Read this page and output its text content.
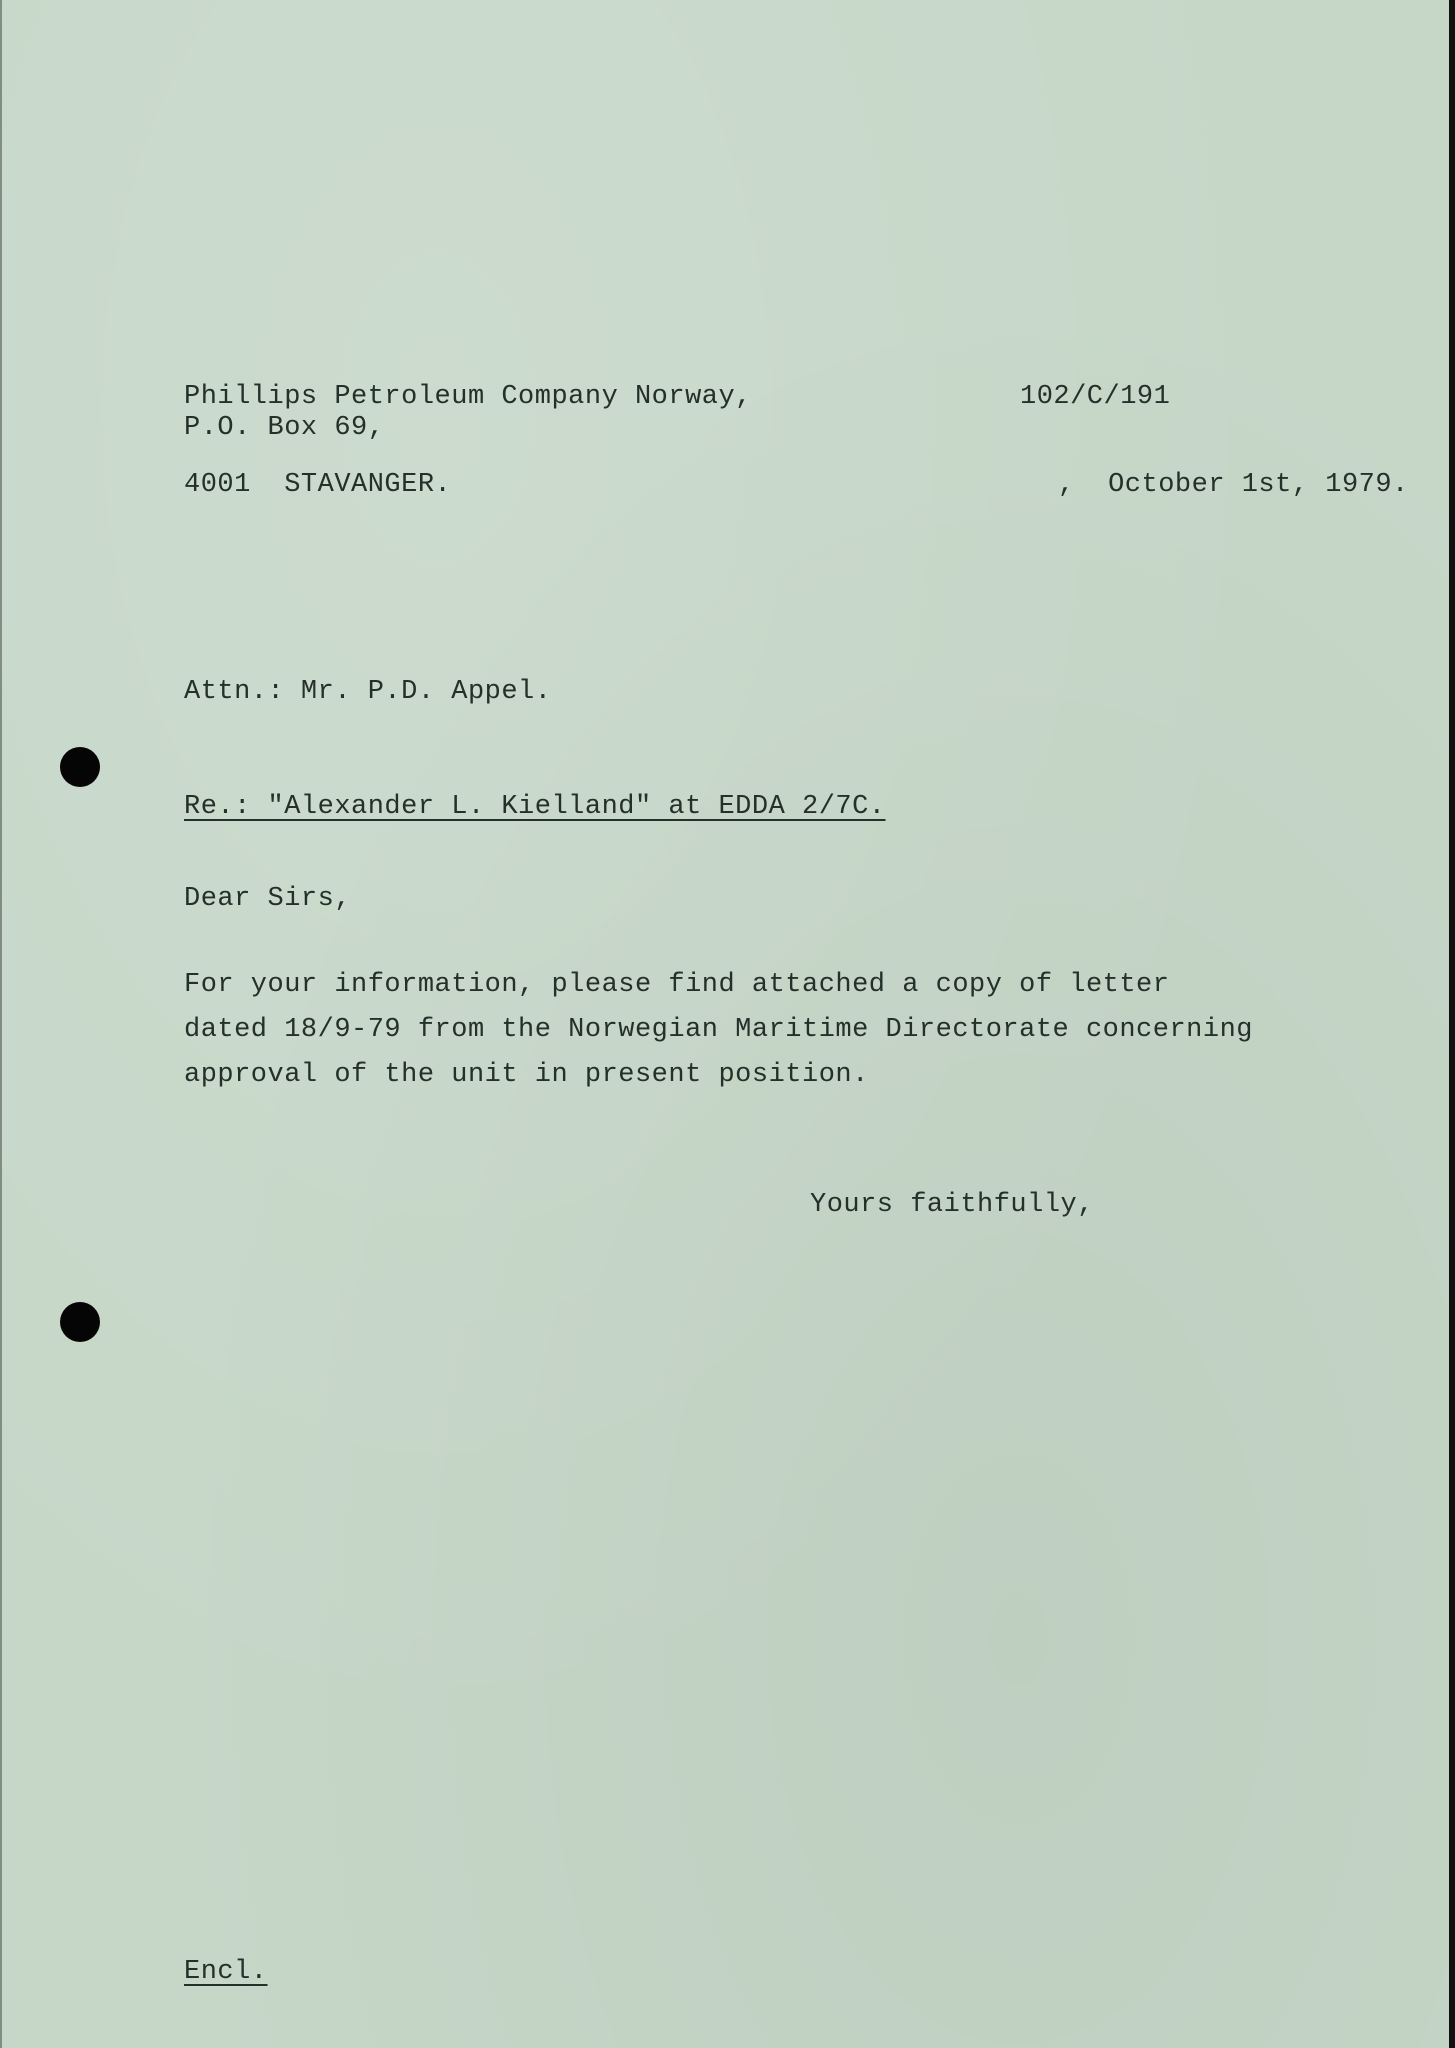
Phillips Petroleum Company Norway,
P.O. Box 69,
4001  STAVANGER.
102/C/191
,  October 1st, 1979.
Attn.: Mr. P.D. Appel.
Re.: "Alexander L. Kielland" at EDDA 2/7C.
Dear Sirs,
For your information, please find attached a copy of letter
dated 18/9-79 from the Norwegian Maritime Directorate concerning
approval of the unit in present position.
Yours faithfully,
Encl.
